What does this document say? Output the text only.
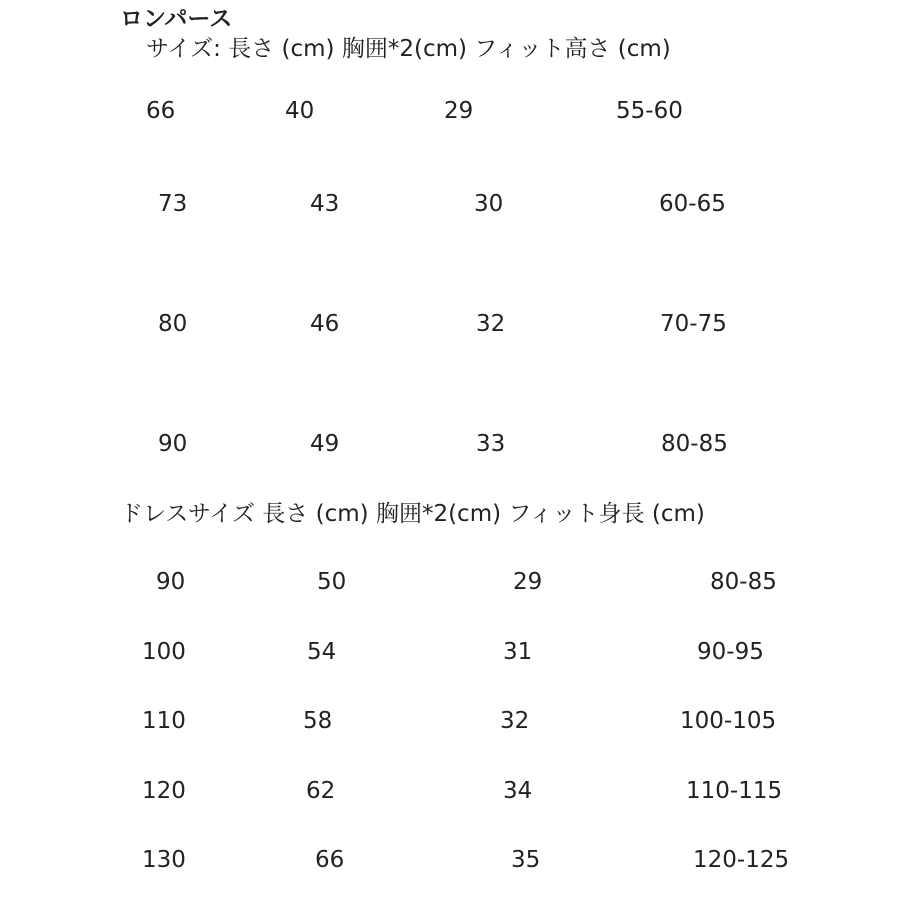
ロンパース
サイズ: 長さ (cm) 胸囲*2(cm) フィット高さ (cm)
66	40	29	55-60
73	43	30	60-65
80	46	32	70-75
90	49	33	80-85
ドレスサイズ 長さ (cm) 胸囲*2(cm) フィット身長 (cm)
90	50	29	80-85
100	54	31	90-95
110	58	32	100-105
120	62	34	110-115
130	66	35	120-125
